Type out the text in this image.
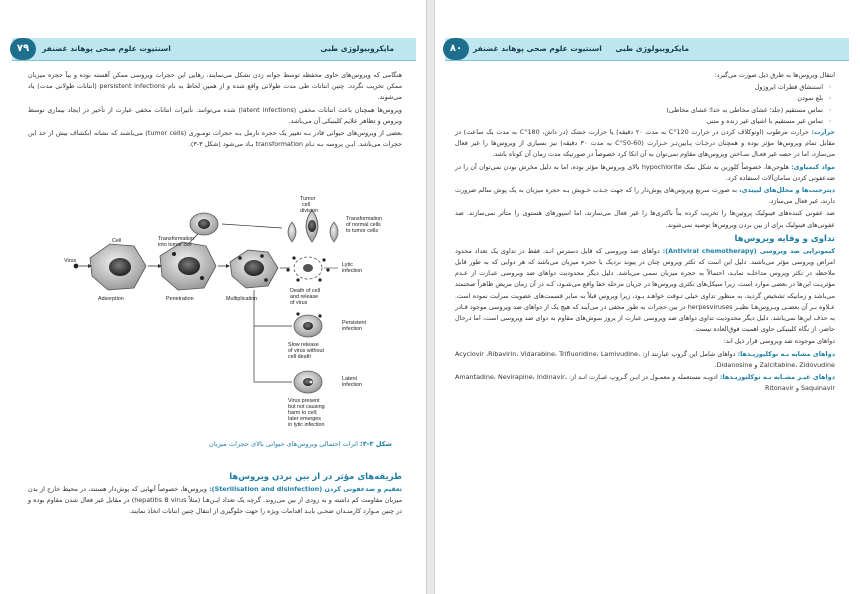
۷۹	اسنتیوت علوم صحی پوهاند غضنفر	مایکروبیولوژی طبی

هنگامی که ویروس‌های حاوی محفظه توسط جوانه زدن تشکل می‌نمایند، رهایی این حجرات ویروسی ممکن آهسته بوده و بیآ حجره میزبان ممکن تخریب نگردد. چنین انتانات طی مدت طولانی واقع شده و از همین لحاظ به نام persistent infections (انتانات طولانی مدت) یاد می‌شوند.

ویروس‌ها همچنان باعث انتانات مخفی (latent infections) شده می‌توانند. تأثیرات انتانات مخفی عبارت از تأخیر در ایجاد بیماری توسط ویروس و تظاهر علایم کلینیکی آن می‌باشد.

بعضی از ویروس‌های حیوانی قادر بـه تغییر یک حجره نارمل بـه حجرات تومـوری (tumor cells) می‌باشند که نشانه انکشاف بیش از حد این حجرات می‌باشد. ایـن پروسه بـه نـام transformation یـاد می‌شود (شکل ۳-۳).

Virus
Cell
Adsorption	Penetration
Transformation
into tumor cell
Multiplication
Tumor
cell
division
Transformation
of normal cells
to tumor cells
Lytic
infection
Death of cell
and release
of virus
Persistent
infection
Slow release
of virus without
cell death
Latent
infection
Virus present
but not causing
harm to cell;
later emerges
in lytic infection
شکل ۳-۳: اثرات احتمالی ویروس‌های حیوانی بالای حجرات میزبان
طریقه‌های مؤثر در از بین بردن ویروس‌ها

تعقیم و ضدعفونی کردن (Sterilisation and disinfection): ویروس‌ها، خصوصاً آنهایی که پوش‌دار هستند، در محیط خارج از بدن میزبان مقاومت کم داشته و به زودی از بین می‌روند. گرچه یک تعداد ایـن‌هـا (مثلاً hepatitis B virus) در مقابل غیر فعال شدن مقاوم بوده و در چنین مـوارد کارمنـدان صحـی بایـد اقدامات ویژه را جهت جلوگیری از انتقال چنین انتانات اتخاذ نمایند.

اسنتیوت علوم صحی پوهاند غضنفر مایکروبیولوژی طبی
۸۰

انتقال ویروس‌ها به طرق ذیل صورت می‌گیرد:

◦ استنشاق قطرات ایروزول
◦ بلع نمودن
◦ تماس مستقیم (جلد؛ غشای مخاطی به خدا؛ غشای مخاطی)
◦ تماس غیر مستقیم با اشیای غیر زنده و متنی

حرارت: حرارت مرطوب (اوتوکلاف کردن در حرارت 120°C به مدت ۲۰ دقیقه) یا حرارت خشک (در داش، 180°C به مدت یک ساعت) در مقابل تمام ویروس‌ها مؤثر بوده و همچنان درجـات پـایین‌تـر حـرارت (C°50-60 به مدت ۳۰ دقیقه) نیز بسیاری از ویروس‌ها را غیر فعال می‌سازد، اما در حصه غیر فعـال سـاختن ویروس‌های مقاوم نمی‌توان به آن اتکا کرد خصوصاً در صورتیکه مدت زمان آن کوتاه باشد.

مواد کیمیاوی: هلوجن‌ها، خصوصاً کلورین به شکل نمک hypochlorite بالای ویروس‌ها مؤثر بوده، اما به دلیل مخرش بودن نمی‌توان آن را در ضدعفونی کردن سامان‌آلات استفاده کرد.

دیترجنت‌ها و محلل‌های لیپیدی، به صورت سریع ویروس‌های پوش‌دار را که جهت جـذب خـویش بـه حجره میزبان به یک پوش سالم ضرورت دارند، غیر فعال می‌سازد.

ضد عفونی کننده‌های فینولیک پروتین‌ها را تخریب کرده بناً باکتری‌ها را غیر فعال می‌سازند، اما اسپورهای هستوی را متأثر نمی‌سازند. ضد عفونی‌های فینولیک برای از بین بردن ویروس‌ها توصیه نمی‌شوند.

تداوی و وقایه ویروس‌ها

کیموتراپی ضد ویروسی (Antiviral chemotherapy): دواهای ضد ویروسی که قابل دسترس انـد، فقط در تداوی یک تعداد محدود امراض ویروسی مؤثر می‌باشند. دلیل این است که تکثر ویروس چنان در پیوند نزدیک با حجره میزبان می‌باشد که هر دوایی که به طور قابل ملاحظه در تکثر ویروس مداخلـه نمایـد، احتمالاً به حجره میزبان سمی می‌باشد. دلیل دیگر محدودیت دواهای ضد ویروسی عبـارت از عـدم مؤثریـت این‌ها در بعضی موارد است، زیرا سیکل‌های تکثری ویروس‌ها در جریان مرحله خفا واقع می‌شـود، کـه در آن زمان مریض ظاهراً صحتمند می‌باشد و زمانیکه تشخیص گردید، به منظور تداوی خیلی تـوقت خواهـد بـود، زیرا ویروس قبلاً به سایر قسمت‌های عضویت سرایت نموده است. عـلاوه بـر آن بعضـی ویـروس‌هـا نظیـر herpesviruses در بین حجرات به طور مخفی در می‌آیند که هیچ یک از دواهای ضد ویروسی موجود قـادر به حذف این‌ها نمی‌باشد. دلیل دیگر محدودیت تداوی دواهای ضد ویروسی عبارت از بروز سوش‌های مقاوم به دوای ضد ویروسی است، اما درحال حاضر، از نگاه کلینیکی حاوی اهمیت فوق‌العاده نیست.

دواهای موجوده ضد ویروسی قرار ذیل اند:

دواهای مشابه بـه نوکلیوزیـدها: دواهای شامل این گروپ عبارتند از: Acyclovir ،Ribavirin، Vidarabine، Trifluoridine، Lamivudine، Zalcitabine، Zidovudine و Didanosine.

دواهای غیـر مشـابه بـه نوکلیوزیـدها: ادویـه مستعمله و معمـول در ایـن گـروپ عبـارت انـد از: Amantadine، Nevirapine، Indinavir، Saquinavir و Ritonavir
